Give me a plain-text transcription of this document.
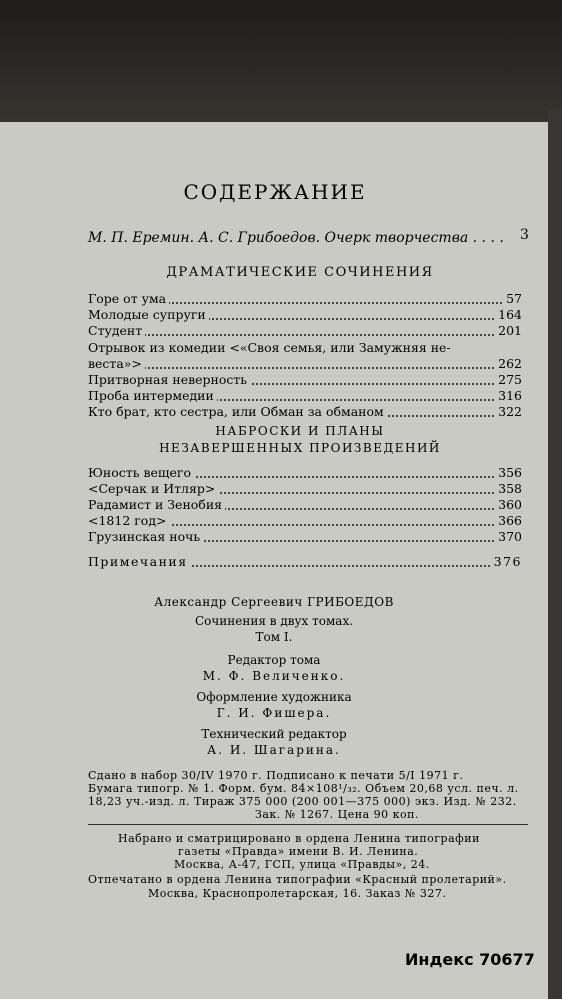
СОДЕРЖАНИЕ
М. П. Еремин. А. С. Грибоедов. Очерк творчества . . . . 3
ДРАМАТИЧЕСКИЕ СОЧИНЕНИЯ
Горе от ума	57
Молодые супруги	164
Студент	201
Отрывок из комедии <«Своя семья, или Замужняя не-
веста»>	262
Притворная неверность	275
Проба интермедии	316
Кто брат, кто сестра, или Обман за обманом	322
НАБРОСКИ И ПЛАНЫ
НЕЗАВЕРШЕННЫХ ПРОИЗВЕДЕНИЙ
Юность вещего	356
<Серчак и Итляр>	358
Радамист и Зенобия	360
<1812 год>	366
Грузинская ночь	370
Примечания	376
Александр Сергеевич ГРИБОЕДОВ
Сочинения в двух томах.
Том I.
Редактор тома
М. Ф. Величенко.
Оформление художника
Г. И. Фишера.
Технический редактор
А. И. Шагарина.
Сдано в набор 30/IV 1970 г. Подписано к печати 5/I 1971 г.
Бумага типогр. № 1. Форм. бум. 84×108¹/₃₂. Объем 20,68 усл. печ. л.
18,23 уч.-изд. л. Тираж 375 000 (200 001—375 000) экз. Изд. № 232.
Зак. № 1267. Цена 90 коп.
Набрано и сматрицировано в ордена Ленина типографии
газеты «Правда» имени В. И. Ленина.
Москва, А-47, ГСП, улица «Правды», 24.
Отпечатано в ордена Ленина типографии «Красный пролетарий».
Москва, Краснопролетарская, 16. Заказ № 327.
Индекс 70677
